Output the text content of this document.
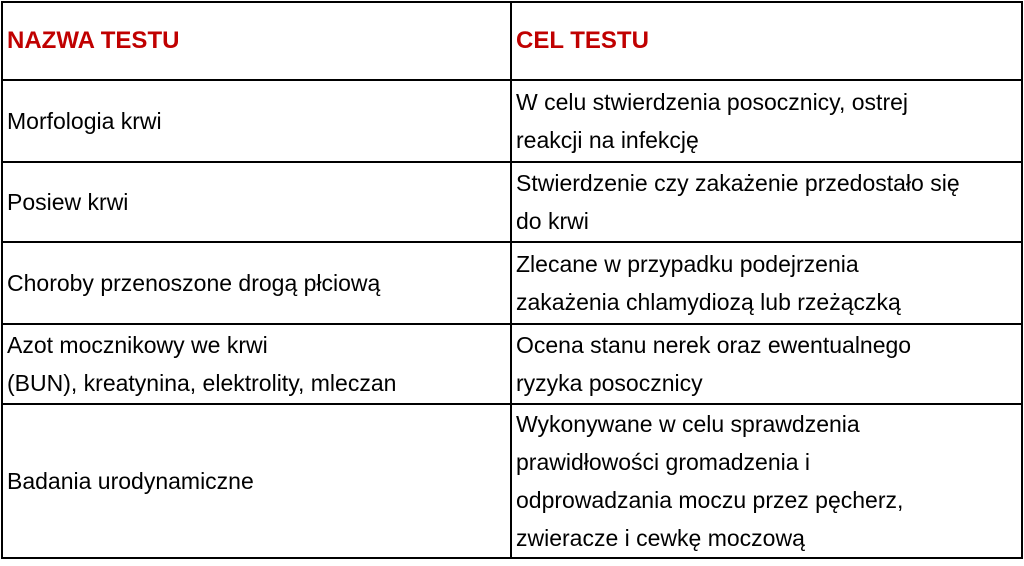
NAZWA TESTU	CEL TESTU

Morfologia krwi	W celu stwierdzenia posocznicy, ostrej
reakcji na infekcję

Posiew krwi	Stwierdzenie czy zakażenie przedostało się
do krwi

Choroby przenoszone drogą płciową	Zlecane w przypadku podejrzenia
zakażenia chlamydiozą lub rzeżączką

Azot mocznikowy we krwi
(BUN), kreatynina, elektrolity, mleczan	Ocena stanu nerek oraz ewentualnego
ryzyka posocznicy

Badania urodynamiczne	Wykonywane w celu sprawdzenia
prawidłowości gromadzenia i
odprowadzania moczu przez pęcherz,
zwieracze i cewkę moczową
